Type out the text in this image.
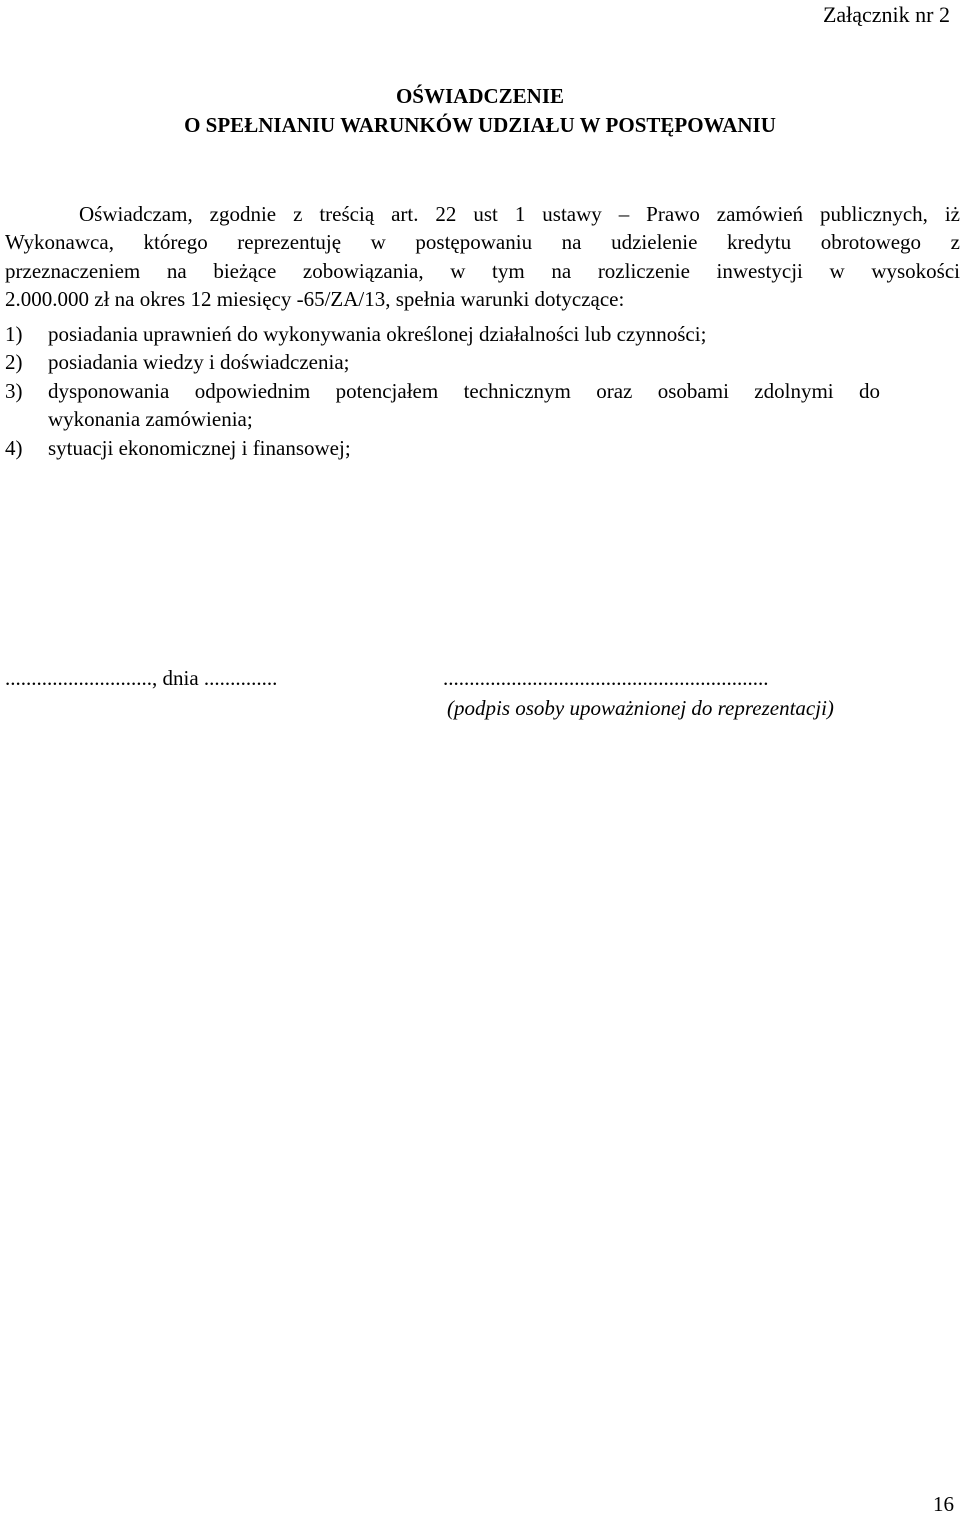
Załącznik nr 2
OŚWIADCZENIE
O SPEŁNIANIU WARUNKÓW UDZIAŁU W POSTĘPOWANIU
Oświadczam, zgodnie z treścią art. 22 ust 1 ustawy – Prawo zamówień publicznych, iż
Wykonawca, którego reprezentuję w postępowaniu na udzielenie kredytu obrotowego z
przeznaczeniem na bieżące zobowiązania, w tym na rozliczenie inwestycji w wysokości
2.000.000 zł na okres 12 miesięcy -65/ZA/13, spełnia warunki dotyczące:
1) posiadania uprawnień do wykonywania określonej działalności lub czynności;
2) posiadania wiedzy i doświadczenia;
3) dysponowania odpowiednim potencjałem technicznym oraz osobami zdolnymi do
wykonania zamówienia;
4) sytuacji ekonomicznej i finansowej;
............................, dnia ..............	..............................................................
(podpis osoby upoważnionej do reprezentacji)
16
